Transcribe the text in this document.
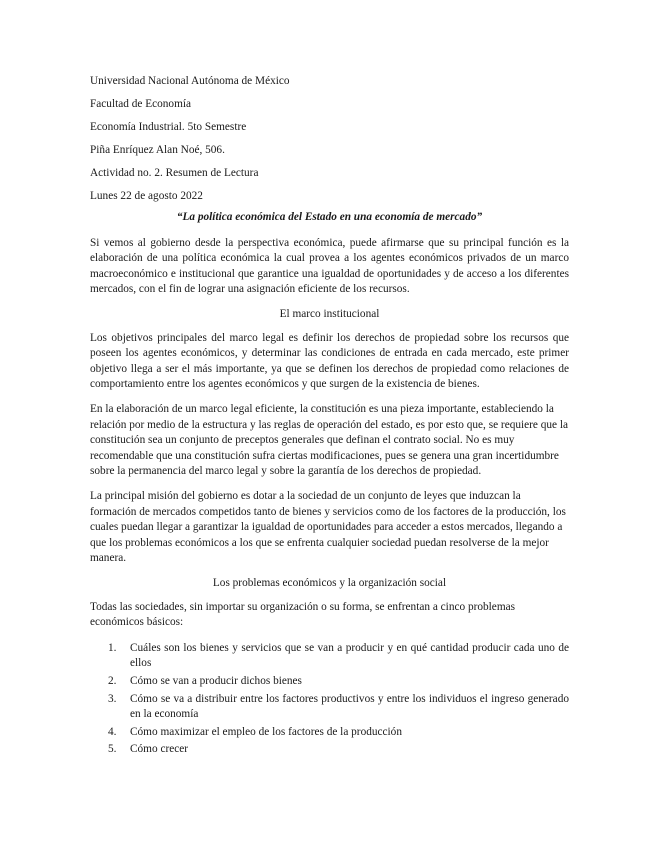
Universidad Nacional Autónoma de México
Facultad de Economía
Economía Industrial. 5to Semestre
Piña Enríquez Alan Noé, 506.
Actividad no. 2. Resumen de Lectura
Lunes 22 de agosto 2022
“La política económica del Estado en una economía de mercado”

Si vemos al gobierno desde la perspectiva económica, puede afirmarse que su principal función es la elaboración de una política económica la cual provea a los agentes económicos privados de un marco macroeconómico e institucional que garantice una igualdad de oportunidades y de acceso a los diferentes mercados, con el fin de lograr una asignación eficiente de los recursos.

El marco institucional

Los objetivos principales del marco legal es definir los derechos de propiedad sobre los recursos que poseen los agentes económicos, y determinar las condiciones de entrada en cada mercado, este primer objetivo llega a ser el más importante, ya que se definen los derechos de propiedad como relaciones de comportamiento entre los agentes económicos y que surgen de la existencia de bienes.

En la elaboración de un marco legal eficiente, la constitución es una pieza importante, estableciendo la relación por medio de la estructura y las reglas de operación del estado, es por esto que, se requiere que la constitución sea un conjunto de preceptos generales que definan el contrato social. No es muy recomendable que una constitución sufra ciertas modificaciones, pues se genera una gran incertidumbre sobre la permanencia del marco legal y sobre la garantía de los derechos de propiedad.

La principal misión del gobierno es dotar a la sociedad de un conjunto de leyes que induzcan la formación de mercados competidos tanto de bienes y servicios como de los factores de la producción, los cuales puedan llegar a garantizar la igualdad de oportunidades para acceder a estos mercados, llegando a que los problemas económicos a los que se enfrenta cualquier sociedad puedan resolverse de la mejor manera.

Los problemas económicos y la organización social

Todas las sociedades, sin importar su organización o su forma, se enfrentan a cinco problemas económicos básicos:

1. Cuáles son los bienes y servicios que se van a producir y en qué cantidad producir cada uno de ellos
2. Cómo se van a producir dichos bienes
3. Cómo se va a distribuir entre los factores productivos y entre los individuos el ingreso generado en la economía
4. Cómo maximizar el empleo de los factores de la producción
5. Cómo crecer
